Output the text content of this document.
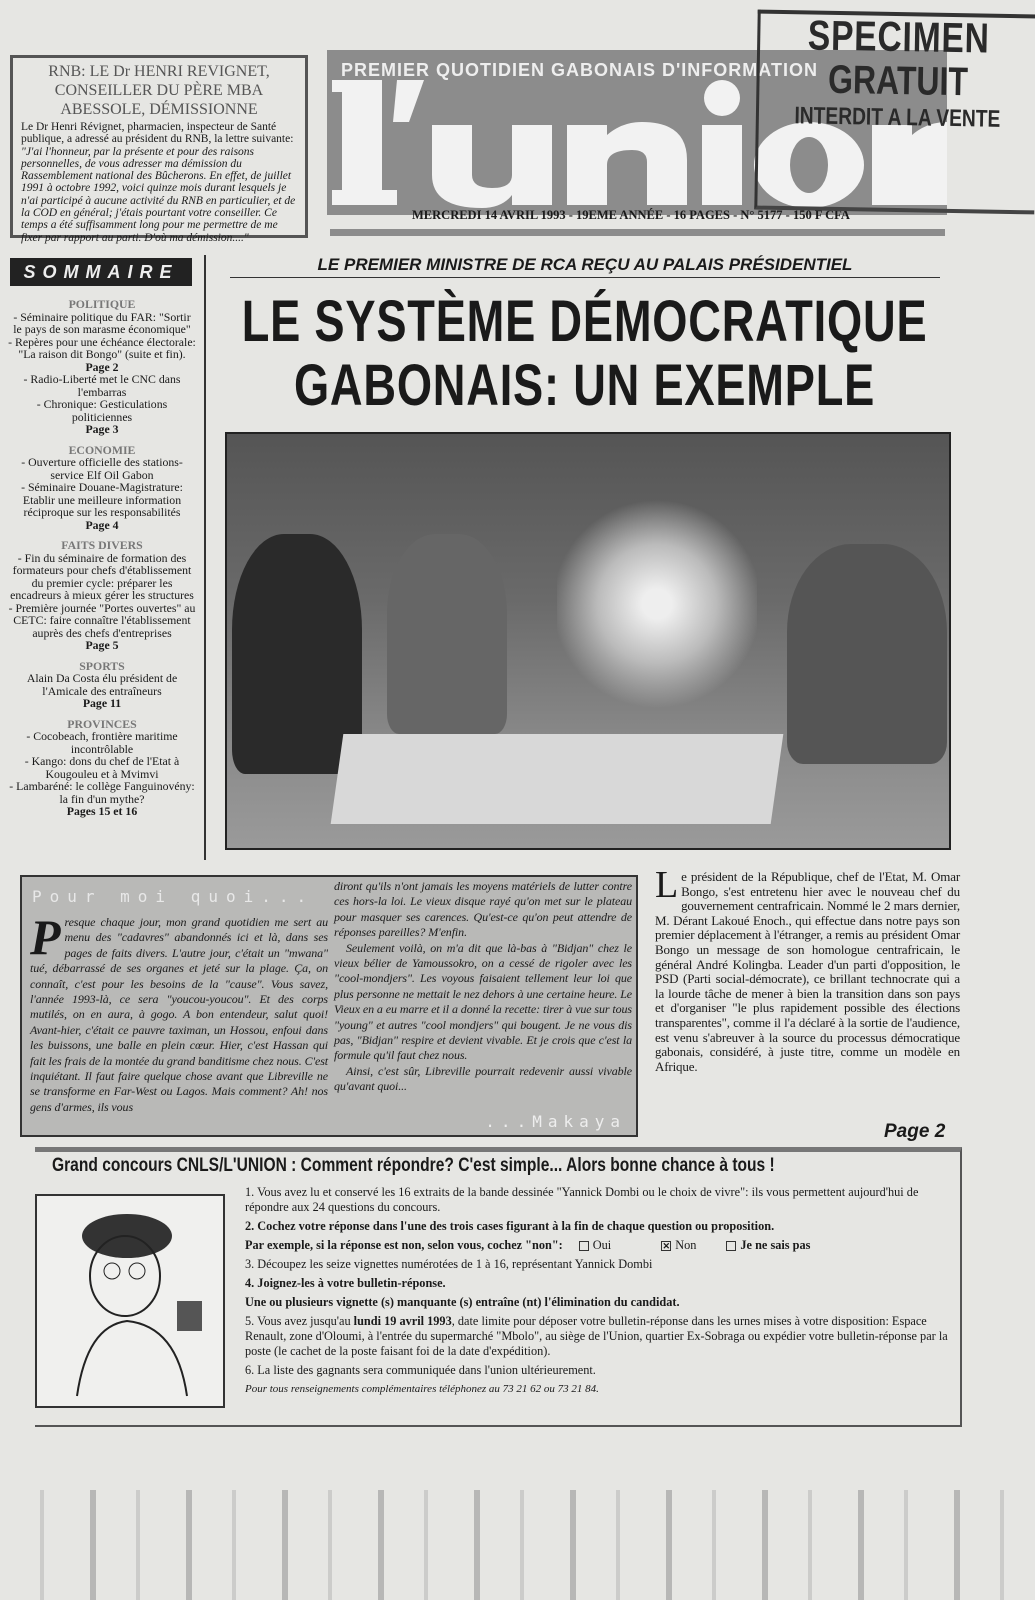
RNB: LE Dr HENRI REVIGNET, CONSEILLER DU PÈRE MBA ABESSOLE, DÉMISSIONNE

Le Dr Henri Révignet, pharmacien, inspecteur de Santé publique, a adressé au président du RNB, la lettre suivante:

"J'ai l'honneur, par la présente et pour des raisons personnelles, de vous adresser ma démission du Rassemblement national des Bûcherons. En effet, de juillet 1991 à octobre 1992, voici quinze mois durant lesquels je n'ai participé à aucune activité du RNB en particulier, et de la COD en général; j'étais pourtant votre conseiller. Ce temps a été suffisamment long pour me permettre de me fixer par rapport au parti. D'où ma démission...."

PREMIER QUOTIDIEN GABONAIS D'INFORMATION
MERCREDI 14 AVRIL 1993 - 19EME ANNÉE - 16 PAGES - N° 5177 - 150 F CFA
SPECIMEN
GRATUIT
INTERDIT A LA VENTE
SOMMAIRE
POLITIQUE
- Séminaire politique du FAR: "Sortir le pays de son marasme économique"
- Repères pour une échéance électorale: "La raison dit Bongo" (suite et fin).
Page 2
- Radio-Liberté met le CNC dans l'embarras
- Chronique: Gesticulations politiciennes
Page 3
ECONOMIE
- Ouverture officielle des stations-service Elf Oil Gabon
- Séminaire Douane-Magistrature: Etablir une meilleure information réciproque sur les responsabilités
Page 4
FAITS DIVERS
- Fin du séminaire de formation des formateurs pour chefs d'établissement du premier cycle: préparer les encadreurs à mieux gérer les structures
- Première journée "Portes ouvertes" au CETC: faire connaître l'établissement auprès des chefs d'entreprises
Page 5
SPORTS
Alain Da Costa élu président de l'Amicale des entraîneurs
Page 11
PROVINCES
- Cocobeach, frontière maritime incontrôlable
- Kango: dons du chef de l'Etat à Kougouleu et à Mvimvi
- Lambaréné: le collège Fanguinovény: la fin d'un mythe?
Pages 15 et 16
LE PREMIER MINISTRE DE RCA REÇU AU PALAIS PRÉSIDENTIEL
LE SYSTÈME DÉMOCRATIQUE
GABONAIS: UN EXEMPLE
Pour moi quoi...
Presque chaque jour, mon grand quotidien me sert au menu des "cadavres" abandonnés ici et là, dans ses pages de faits divers. L'autre jour, c'était un "mwana" tué, débarrassé de ses organes et jeté sur la plage. Ça, on connaît, c'est pour les besoins de la "cause". Vous savez, l'année 1993-là, ce sera "youcou-youcou". Et des corps mutilés, on en aura, à gogo. A bon entendeur, salut quoi! Avant-hier, c'était ce pauvre taximan, un Hossou, enfoui dans les buissons, une balle en plein cœur. Hier, c'est Hassan qui fait les frais de la montée du grand banditisme chez nous. C'est inquiétant. Il faut faire quelque chose avant que Libreville ne se transforme en Far-West ou Lagos. Mais comment? Ah! nos gens d'armes, ils vous

diront qu'ils n'ont jamais les moyens matériels de lutter contre ces hors-la loi. Le vieux disque rayé qu'on met sur le plateau pour masquer ses carences. Qu'est-ce qu'on peut attendre de réponses pareilles? M'enfin.

Seulement voilà, on m'a dit que là-bas à "Bidjan" chez le vieux bélier de Yamoussokro, on a cessé de rigoler avec les "cool-mondjers". Les voyous faisaient tellement leur loi que plus personne ne mettait le nez dehors à une certaine heure. Le Vieux en a eu marre et il a donné la recette: tirer à vue sur tous "young" et autres "cool mondjers" qui bougent. Je ne vous dis pas, "Bidjan" respire et devient vivable. Et je crois que c'est la formule qu'il faut chez nous.

Ainsi, c'est sûr, Libreville pourrait redevenir aussi vivable qu'avant quoi...

...Makaya
Le président de la République, chef de l'Etat, M. Omar Bongo, s'est entretenu hier avec le nouveau chef du gouvernement centrafricain. Nommé le 2 mars dernier, M. Dérant Lakoué Enoch., qui effectue dans notre pays son premier déplacement à l'étranger, a remis au président Omar Bongo un message de son homologue centrafricain, le général André Kolingba. Leader d'un parti d'opposition, le PSD (Parti social-démocrate), ce brillant technocrate qui a la lourde tâche de mener à bien la transition dans son pays et d'organiser "le plus rapidement possible des élections transparentes", comme il l'a déclaré à la sortie de l'audience, est venu s'abreuver à la source du processus démocratique gabonais, considéré, à juste titre, comme un modèle en Afrique.
Page 2
Grand concours CNLS/L'UNION : Comment répondre? C'est simple... Alors bonne chance à tous !

1. Vous avez lu et conservé les 16 extraits de la bande dessinée "Yannick Dombi ou le choix de vivre": ils vous permettent aujourd'hui de répondre aux 24 questions du concours.

2. Cochez votre réponse dans l'une des trois cases figurant à la fin de chaque question ou proposition.

Par exemple, si la réponse est non, selon vous, cochez "non": Oui	✕ Non	Je ne sais pas

3. Découpez les seize vignettes numérotées de 1 à 16, représentant Yannick Dombi

4. Joignez-les à votre bulletin-réponse.

Une ou plusieurs vignette (s) manquante (s) entraîne (nt) l'élimination du candidat.

5. Vous avez jusqu'au lundi 19 avril 1993, date limite pour déposer votre bulletin-réponse dans les urnes mises à votre disposition: Espace Renault, zone d'Oloumi, à l'entrée du supermarché "Mbolo", au siège de l'Union, quartier Ex-Sobraga ou expédier votre bulletin-réponse par la poste (le cachet de la poste faisant foi de la date d'expédition).

6. La liste des gagnants sera communiquée dans l'union ultérieurement.

Pour tous renseignements complémentaires téléphonez au 73 21 62 ou 73 21 84.
